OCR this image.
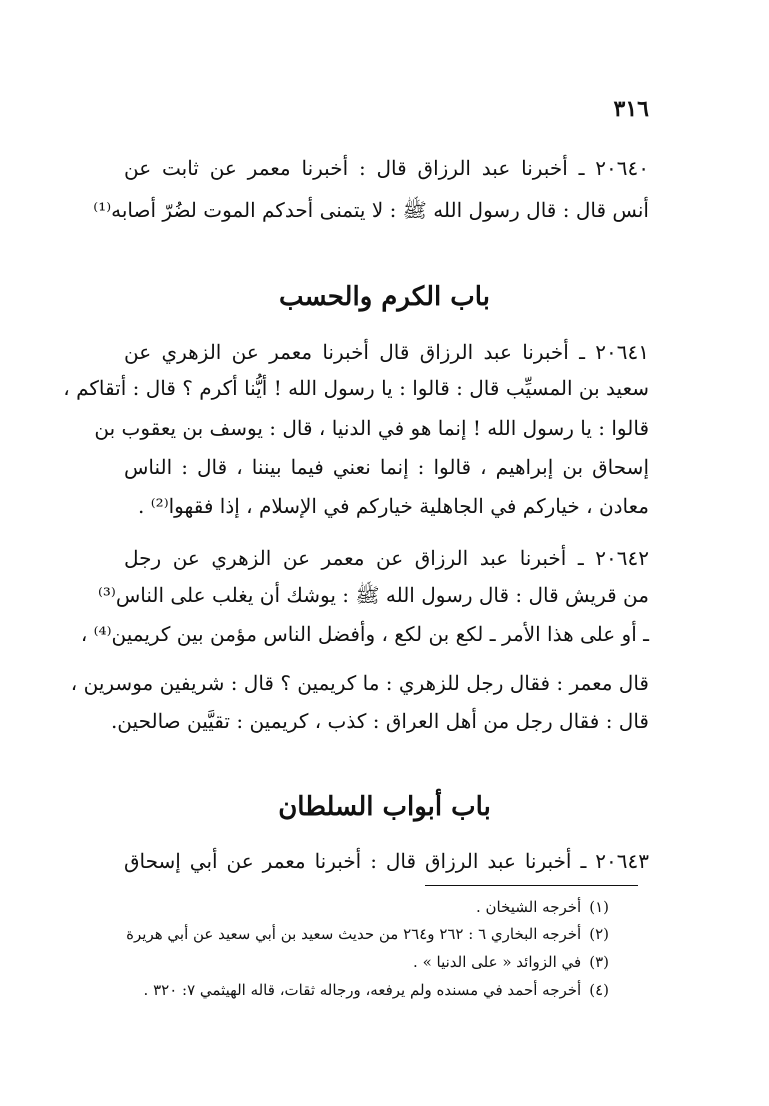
٣١٦
٢٠٦٤٠ ـ أخبرنا عبد الرزاق قال : أخبرنا معمر عن ثابت عن
أنس قال : قال رسول الله ﷺ : لا يتمنى أحدكم الموت لضُرّ أصابه⁽¹⁾
باب الكرم والحسب
٢٠٦٤١ ـ أخبرنا عبد الرزاق قال أخبرنا معمر عن الزهري عن
سعيد بن المسيِّب قال : قالوا : يا رسول الله ! أيُّنا أكرم ؟ قال : أتقاكم ،
قالوا : يا رسول الله ! إنما هو في الدنيا ، قال : يوسف بن يعقوب بن
إسحاق بن إبراهيم ، قالوا : إنما نعني فيما بيننا ، قال : الناس
معادن ، خياركم في الجاهلية خياركم في الإسلام ، إذا فقهوا⁽²⁾ .
٢٠٦٤٢ ـ أخبرنا عبد الرزاق عن معمر عن الزهري عن رجل
من قريش قال : قال رسول الله ﷺ : يوشك أن يغلب على الناس⁽³⁾
ـ أو على هذا الأمر ـ لكع بن لكع ، وأفضل الناس مؤمن بين كريمين⁽⁴⁾ ،
قال معمر : فقال رجل للزهري : ما كريمين ؟ قال : شريفين موسرين ،
قال : فقال رجل من أهل العراق : كذب ، كريمين : تقيَّين صالحين.
باب أبواب السلطان
٢٠٦٤٣ ـ أخبرنا عبد الرزاق قال : أخبرنا معمر عن أبي إسحاق
(١)أخرجه الشيخان .
(٢)أخرجه البخاري ٦ : ٢٦٢ و٢٦٤ من حديث سعيد بن أبي سعيد عن أبي هريرة
(٣)في الزوائد « على الدنيا » .
(٤)أخرجه أحمد في مسنده ولم يرفعه، ورجاله ثقات، قاله الهيثمي ٧: ٣٢٠ .
